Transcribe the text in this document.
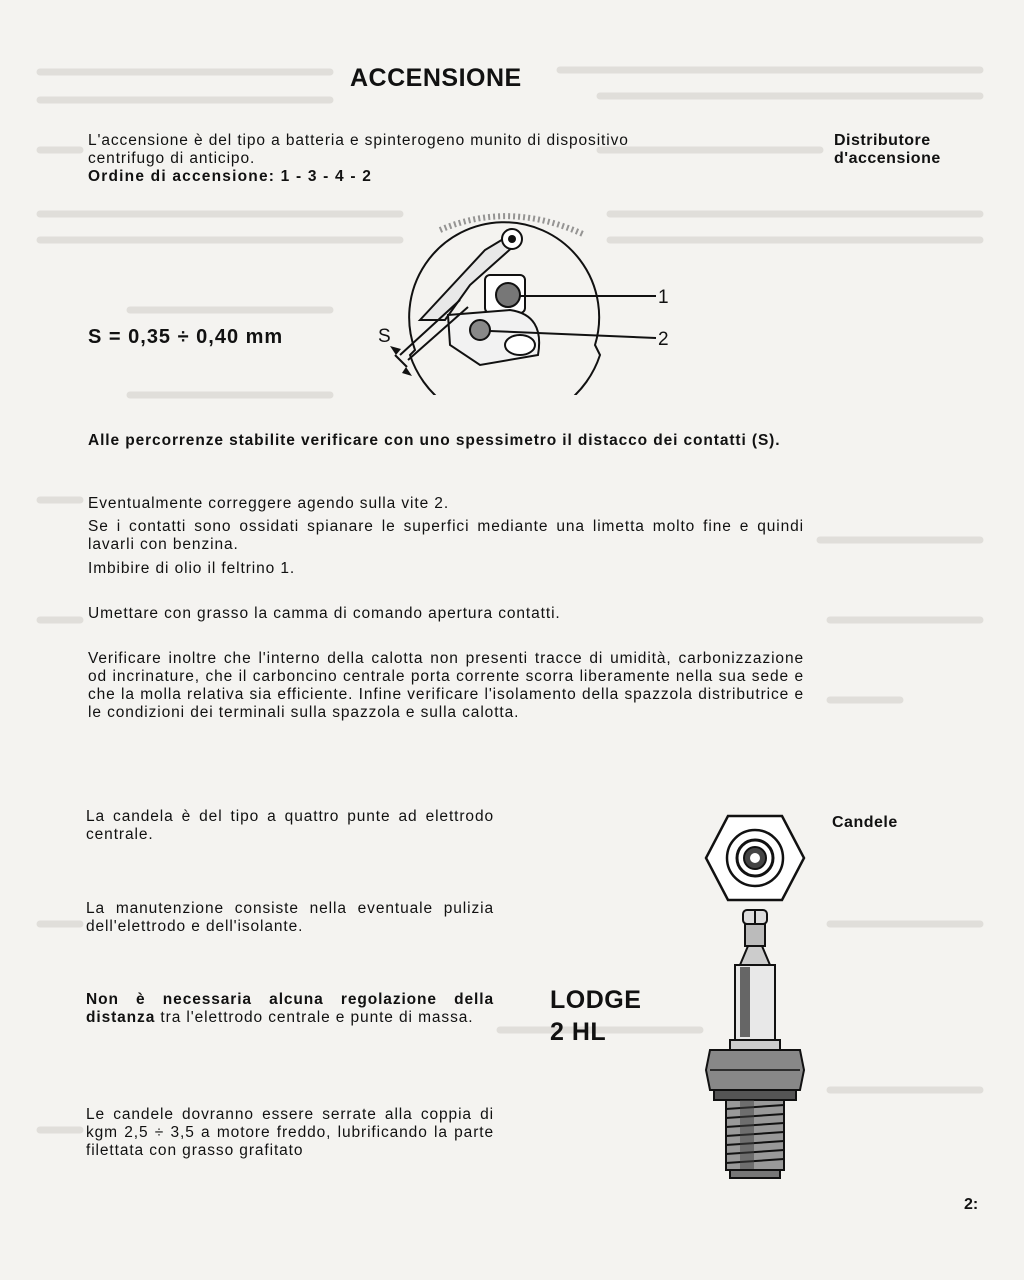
ACCENSIONE
Distributore
d'accensione
L'accensione è del tipo a batteria e spinterogeno munito di dispositivo
centrifugo di anticipo.
Ordine di accensione: 1 - 3 - 4 - 2
S = 0,35 ÷ 0,40 mm	S
1
2
Alle percorrenze stabilite verificare con uno spessimetro il distacco dei contatti (S).
Eventualmente correggere agendo sulla vite 2.
Se i contatti sono ossidati spianare le superfici mediante una limetta molto fine e quindi lavarli con benzina.
Imbibire di olio il feltrino 1.
Umettare con grasso la camma di comando apertura contatti.
Verificare inoltre che l'interno della calotta non presenti tracce di umidità, carbonizzazione od incrinature, che il carboncino centrale porta corrente scorra liberamente nella sua sede e che la molla relativa sia efficiente. Infine verificare l'isolamento della spazzola distributrice e le condizioni dei terminali sulla spazzola e sulla calotta.
Candele
La candela è del tipo a quattro punte ad elettrodo centrale.
La manutenzione consiste nella eventuale pulizia dell'elettrodo e dell'isolante.
Non è necessaria alcuna regolazione della distanza tra l'elettrodo centrale e punte di massa.
Le candele dovranno essere serrate alla coppia di kgm 2,5 ÷ 3,5 a motore freddo, lubrificando la parte filettata con grasso grafitato
LODGE
2 HL
2:
